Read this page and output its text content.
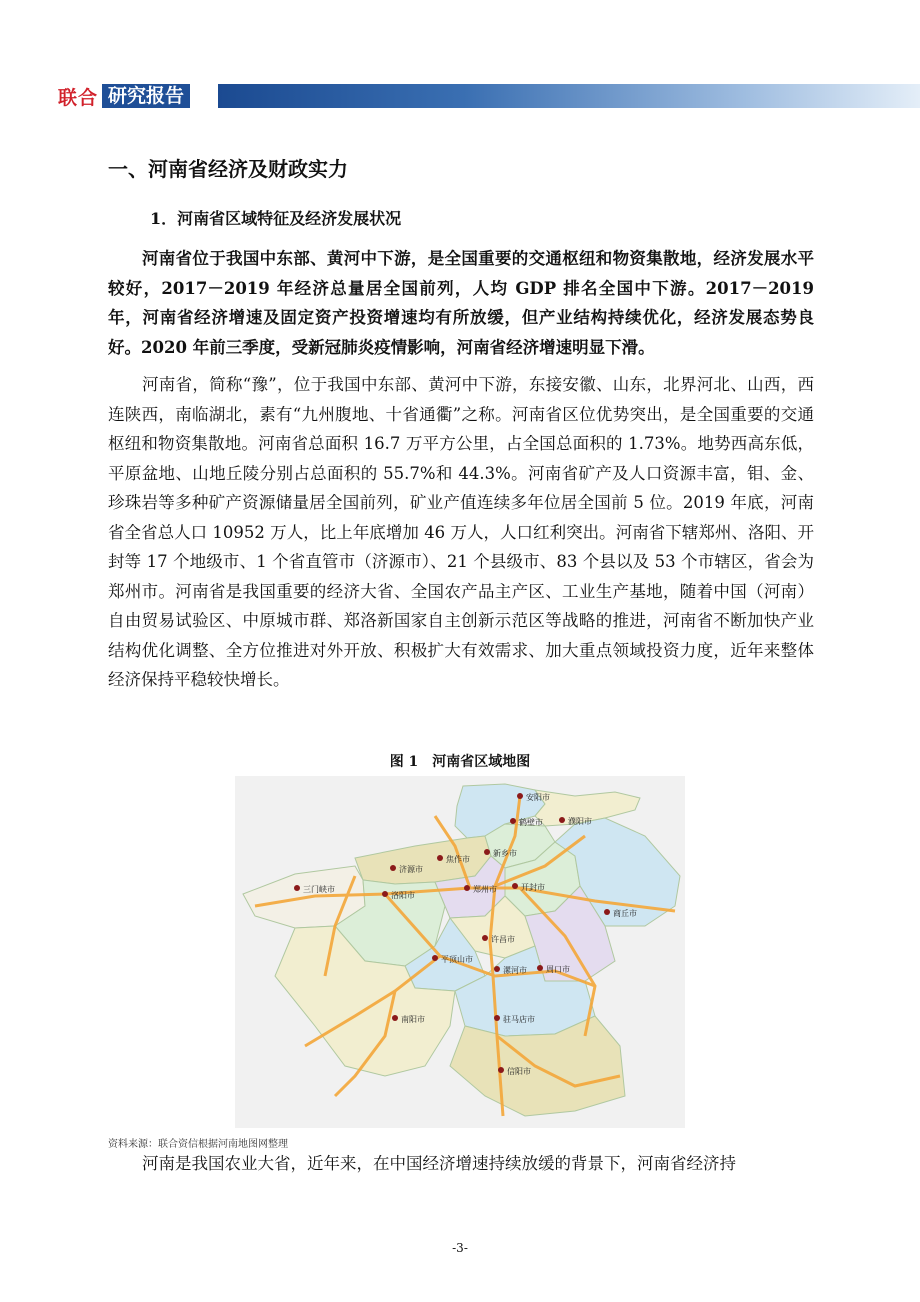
联合 研究报告
一、河南省经济及财政实力
1．河南省区域特征及经济发展状况

河南省位于我国中东部、黄河中下游，是全国重要的交通枢纽和物资集散地，经济发展水平较好，2017－2019 年经济总量居全国前列，人均 GDP 排名全国中下游。2017－2019 年，河南省经济增速及固定资产投资增速均有所放缓，但产业结构持续优化，经济发展态势良好。2020 年前三季度，受新冠肺炎疫情影响，河南省经济增速明显下滑。

河南省，简称“豫”，位于我国中东部、黄河中下游，东接安徽、山东，北界河北、山西，西连陕西，南临湖北，素有“九州腹地、十省通衢”之称。河南省区位优势突出，是全国重要的交通枢纽和物资集散地。河南省总面积 16.7 万平方公里，占全国总面积的 1.73%。地势西高东低，平原盆地、山地丘陵分别占总面积的 55.7%和 44.3%。河南省矿产及人口资源丰富，钼、金、珍珠岩等多种矿产资源储量居全国前列，矿业产值连续多年位居全国前 5 位。2019 年底，河南省全省总人口 10952 万人，比上年底增加 46 万人，人口红利突出。河南省下辖郑州、洛阳、开封等 17 个地级市、1 个省直管市（济源市）、21 个县级市、83 个县以及 53 个市辖区，省会为郑州市。河南省是我国重要的经济大省、全国农产品主产区、工业生产基地，随着中国（河南）自由贸易试验区、中原城市群、郑洛新国家自主创新示范区等战略的推进，河南省不断加快产业结构优化调整、全方位推进对外开放、积极扩大有效需求、加大重点领域投资力度，近年来整体经济保持平稳较快增长。

图 1　河南省区域地图
安阳市
鹤壁市	濮阳市
新乡市
焦作市
济源市
三门峡市
洛阳市
郑州市	开封市
商丘市
许昌市
平顶山市
漯河市 周口市
南阳市	驻马店市
信阳市
资料来源：联合资信根据河南地图网整理

河南是我国农业大省，近年来，在中国经济增速持续放缓的背景下，河南省经济持

-3-
